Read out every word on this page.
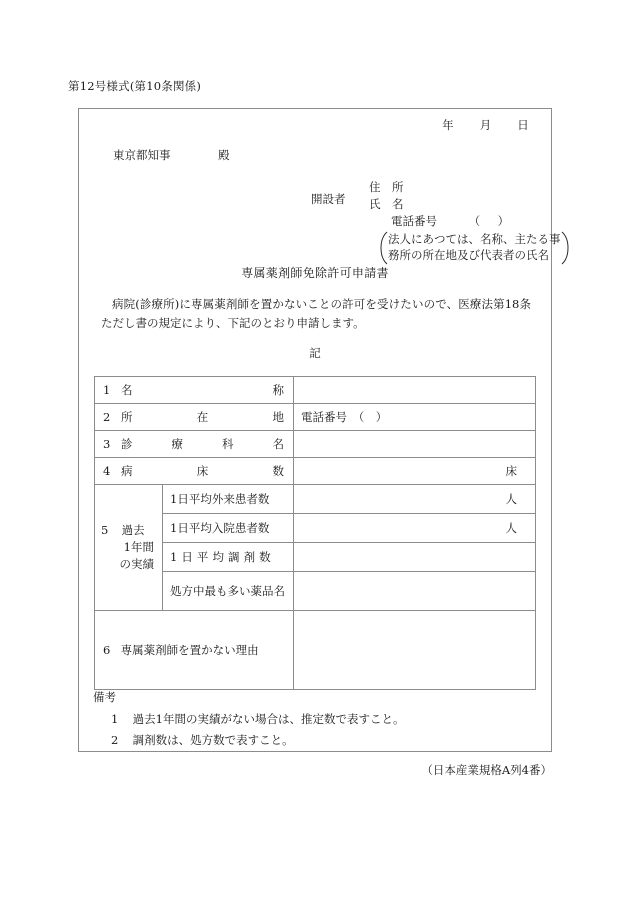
第12号様式(第10条関係)
年 月 日
東京都知事	殿
開設者
住　所
氏　名
電話番号	（　）
法人にあつては、名称、主たる事
務所の所在地及び代表者の氏名
専属薬剤師免除許可申請書
病院(診療所)に専属薬剤師を置かないことの許可を受けたいので、医療法第18条ただし書の規定により、下記のとおり申請します。
記
1 名 称		

2 所 在 地		電話番号　（　）

3 診 療 科 名		

4 病 床 数		床

5 過去
1年間
の実績	1日平均外来患者数	人
	1日平均入院患者数	人
	1 日 平 均 調 剤 数	
	処方中最も多い薬品名	
6 専属薬剤師を置かない理由		
備考
1 過去1年間の実績がない場合は、推定数で表すこと。
2 調剤数は、処方数で表すこと。
（日本産業規格A列4番）
